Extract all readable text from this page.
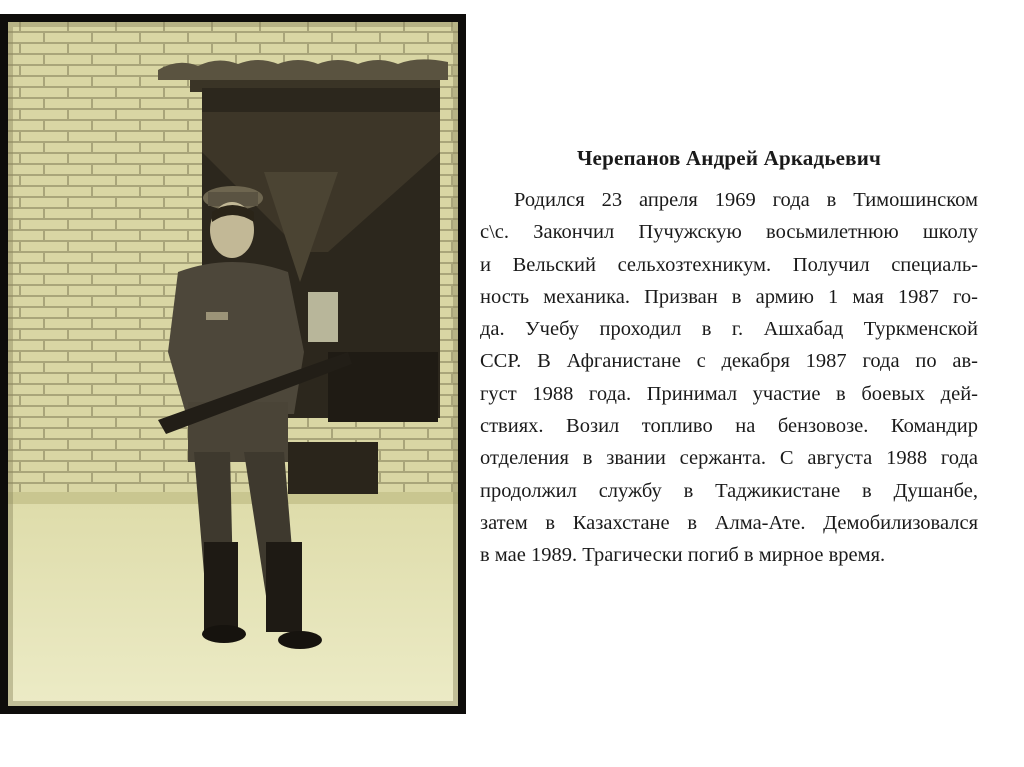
Черепанов Андрей Аркадьевич
Родился 23 апреля 1969 года в Тимошинском
с\с. Закончил Пучужскую восьмилетнюю школу
и Вельский сельхозтехникум. Получил специаль-
ность механика. Призван в армию 1 мая 1987 го-
да. Учебу проходил в г. Ашхабад Туркменской
ССР. В Афганистане с декабря 1987 года по ав-
густ 1988 года. Принимал участие в боевых дей-
ствиях. Возил топливо на бензовозе. Командир
отделения в звании сержанта. С августа 1988 года
продолжил службу в Таджикистане в Душанбе,
затем в Казахстане в Алма-Ате. Демобилизовался
в мае 1989. Трагически погиб в мирное время.
